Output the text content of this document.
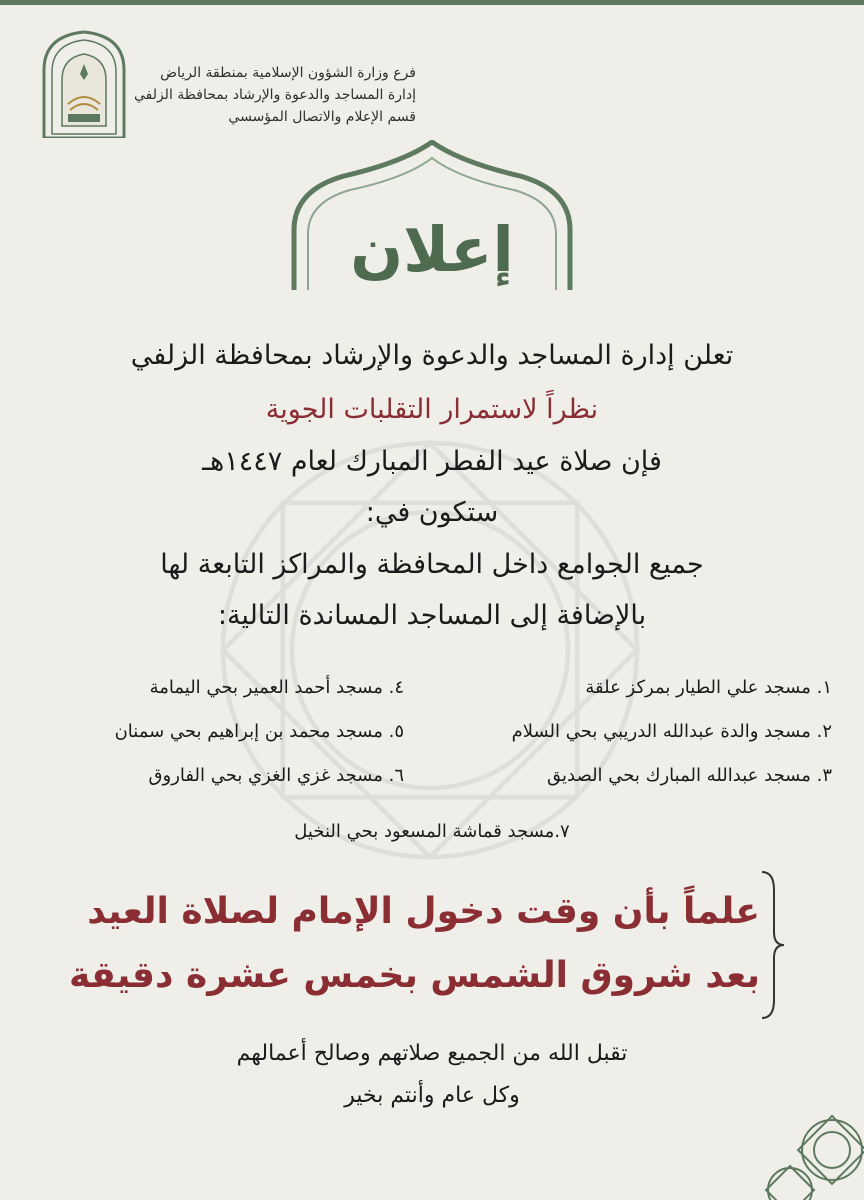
فرع وزارة الشؤون الإسلامية بمنطقة الرياض
إدارة المساجد والدعوة والإرشاد بمحافظة الزلفي
قسم الإعلام والاتصال المؤسسي
إعلان
تعلن إدارة المساجد والدعوة والإرشاد بمحافظة الزلفي
نظراً لاستمرار التقلبات الجوية
فإن صلاة عيد الفطر المبارك لعام ١٤٤٧هـ
ستكون في:
جميع الجوامع داخل المحافظة والمراكز التابعة لها
بالإضافة إلى المساجد المساندة التالية:
١. مسجد علي الطيار بمركز علقة
٢. مسجد والدة عبدالله الدريبي بحي السلام
٣. مسجد عبدالله المبارك بحي الصديق
٤. مسجد أحمد العمير بحي اليمامة
٥. مسجد محمد بن إبراهيم بحي سمنان
٦. مسجد غزي الغزي بحي الفاروق
٧.مسجد قماشة المسعود بحي النخيل
علماً بأن وقت دخول الإمام لصلاة العيد
بعد شروق الشمس بخمس عشرة دقيقة
تقبل الله من الجميع صلاتهم وصالح أعمالهم
وكل عام وأنتم بخير
